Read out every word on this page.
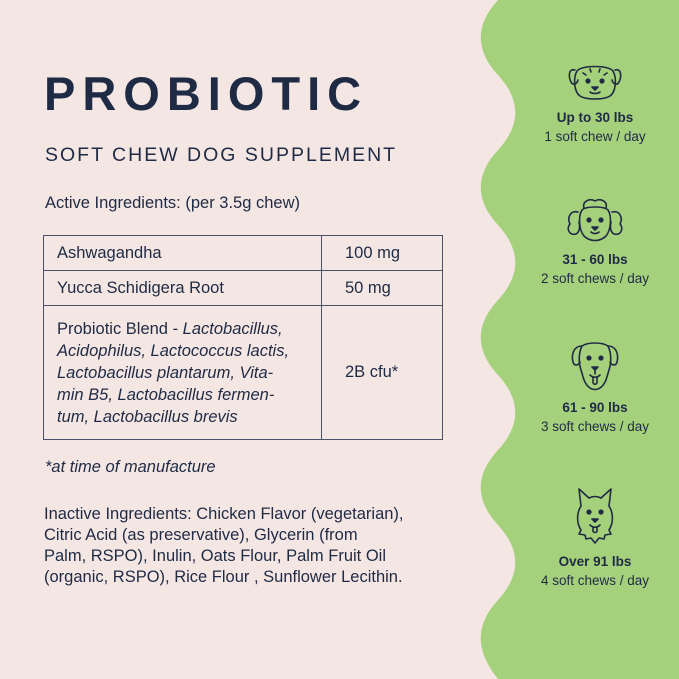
PROBIOTIC
SOFT CHEW DOG SUPPLEMENT
Active Ingredients: (per 3.5g chew)
Ashwagandha	100 mg
Yucca Schidigera Root	50 mg
Probiotic Blend - Lactobacillus,
Acidophilus, Lactococcus lactis,
Lactobacillus plantarum, Vita-
min B5, Lactobacillus fermen-
tum, Lactobacillus brevis	2B cfu*
*at time of manufacture
Inactive Ingredients: Chicken Flavor (vegetarian),
Citric Acid (as preservative), Glycerin (from
Palm, RSPO), Inulin, Oats Flour, Palm Fruit Oil
(organic, RSPO), Rice Flour , Sunflower Lecithin.
Up to 30 lbs
1 soft chew / day
31 - 60 lbs
2 soft chews / day
61 - 90 lbs
3 soft chews / day
Over 91 lbs
4 soft chews / day
